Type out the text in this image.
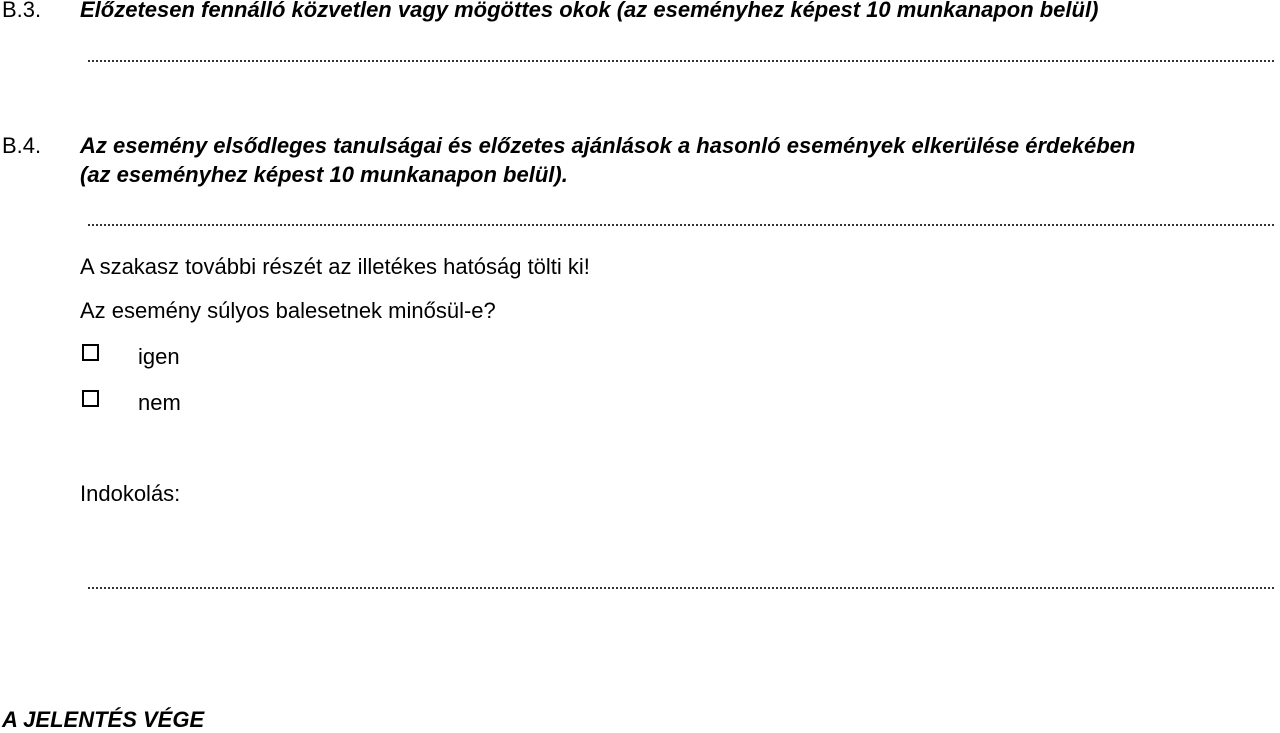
B.3. Előzetesen fennálló közvetlen vagy mögöttes okok (az eseményhez képest 10 munkanapon belül)
B.4. Az esemény elsődleges tanulságai és előzetes ajánlások a hasonló események elkerülése érdekében
(az eseményhez képest 10 munkanapon belül).
A szakasz további részét az illetékes hatóság tölti ki!
Az esemény súlyos balesetnek minősül-e?
igen
nem
Indokolás:
A JELENTÉS VÉGE
